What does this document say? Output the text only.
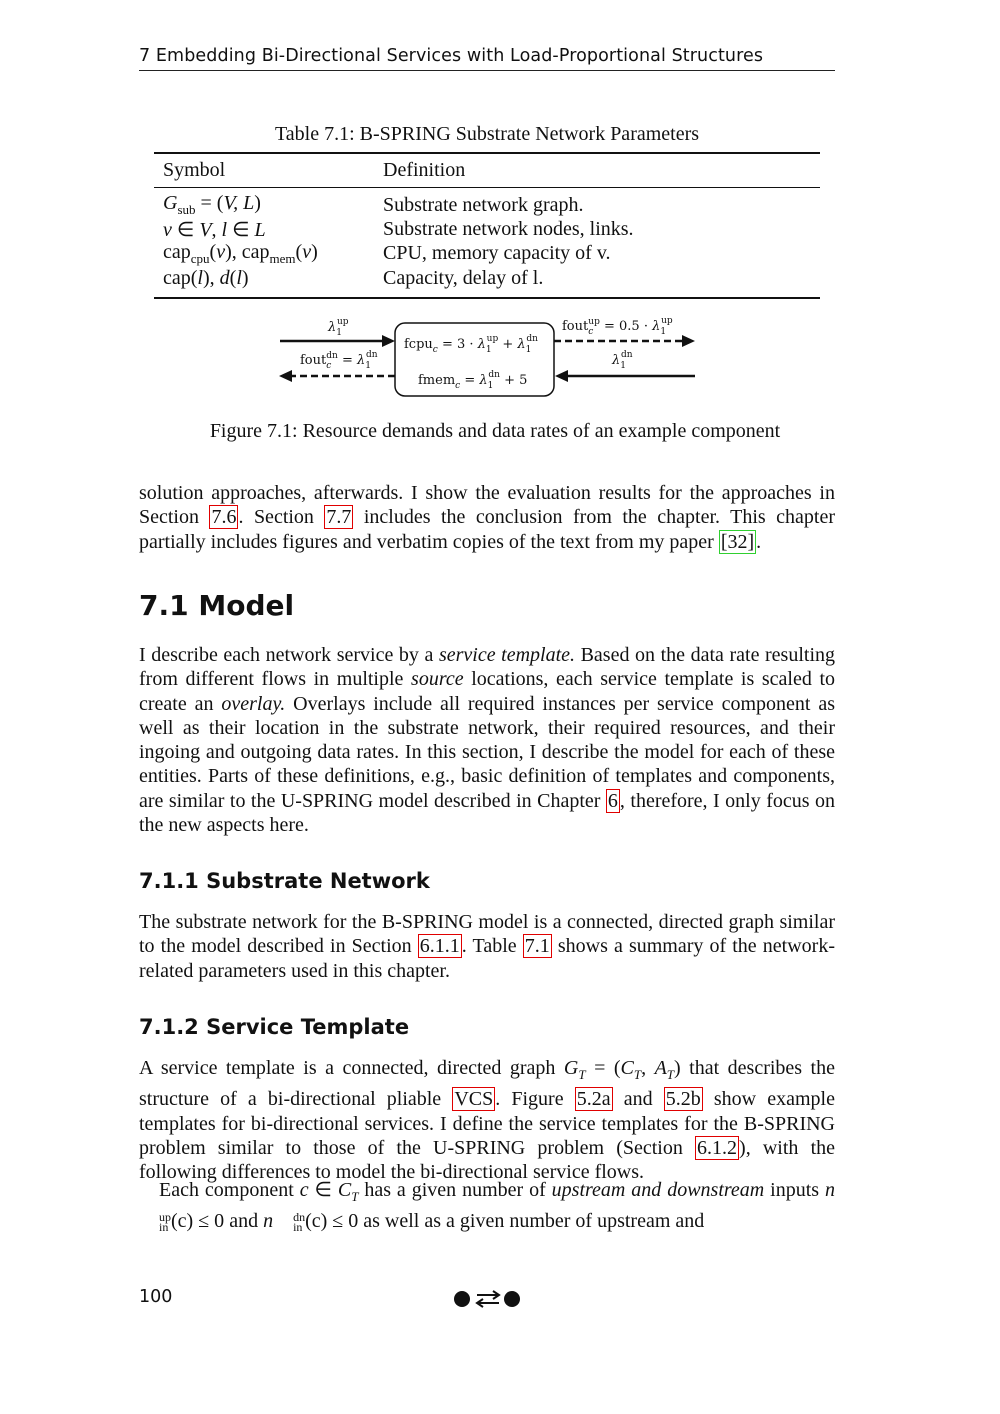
7 Embedding Bi-Directional Services with Load-Proportional Structures
Table 7.1: B-SPRING Substrate Network Parameters
Symbol	Definition
$G_{sub} = (V$, L)	Substrate network graph.
v ∈ V, l ∈ L	Substrate network nodes, links.
cap$_{cpu}$(v), cap$_{mem}$(v)	CPU, memory capacity of v.
cap(l), d(l)	Capacity, delay of l.
$\lambda_1up$
fout$_c$dn = $\lambda_1dn$
fcpu$_c$ = $3 \cdot \lambda_1up + \lambda_1dn$
fmem$_c$ = $\lambda_1dn + 5$
fout$_c$up = $0.5 \cdot \lambda_1up$
$\lambda_1dn$
Figure 7.1: Resource demands and data rates of an example component

solution approaches, afterwards. I show the evaluation results for the approaches in Section 7.6 . Section 7.7 includes the conclusion from the chapter. This chapter partially includes figures and verbatim copies of the text from my paper [32] .

7.1 Model

I describe each network service by a service template. Based on the data rate resulting from different flows in multiple source locations, each service template is scaled to create an overlay. Overlays include all required instances per service component as well as their location in the substrate network, their required resources, and their ingoing and outgoing data rates. In this section, I describe the model for each of these entities. Parts of these definitions, e.g., basic definition of templates and components, are similar to the U-SPRING model described in Chapter 6 , therefore, I only focus on the new aspects here.

7.1.1 Substrate Network

The substrate network for the B-SPRING model is a connected, directed graph similar to the model described in Section 6.1.1 . Table 7.1 shows a summary of the network-related parameters used in this chapter.

7.1.2 Service Template

A service template is a connected, directed graph $G_T = (C_T$, $A_T$) that describes the structure of a bi-directional pliable VCS . Figure 5.2a and 5.2b show example templates for bi-directional services. I define the service templates for the B-SPRING problem similar to those of the U-SPRING problem (Section 6.1.2 ), with the following differences to model the bi-directional service flows.

Each component c ∈ $C_T$ has a given number of upstream and downstream inputs n
up
in (c) ≤ 0 and n	dn
in (c) ≤ 0 as well as a given number of upstream and

100
